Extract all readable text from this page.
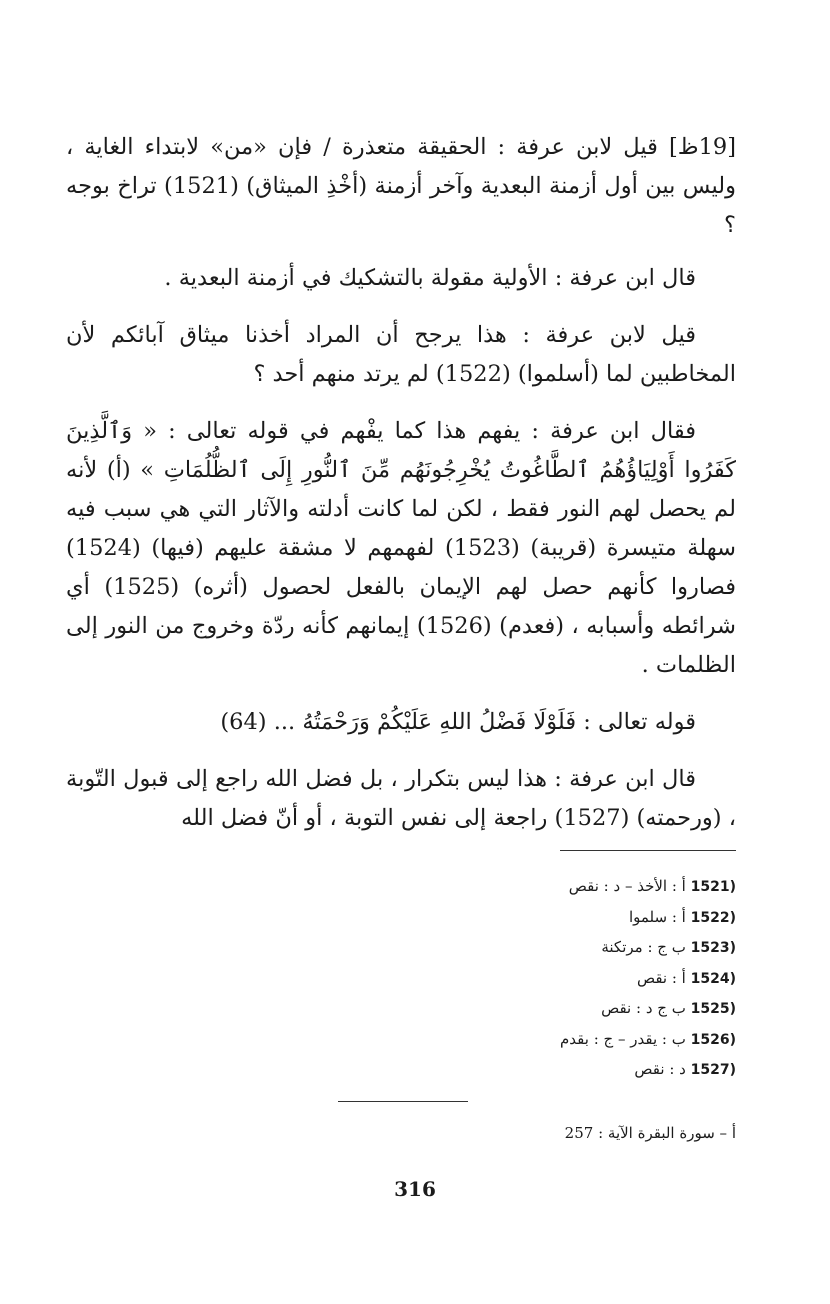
[19ظ] قيل لابن عرفة : الحقيقة متعذرة / فإن «من» لابتداء الغاية ، وليس بين أول أزمنة البعدية وآخر أزمنة (أخْذِ الميثاق) (1521) تراخ بوجه ؟

قال ابن عرفة : الأولية مقولة بالتشكيك في أزمنة البعدية .

قيل لابن عرفة : هذا يرجح أن المراد أخذنا ميثاق آبائكم لأن المخاطبين لما (أسلموا) (1522) لم يرتد منهم أحد ؟

فقال ابن عرفة : يفهم هذا كما يفْهم في قوله تعالى : « وَٱلَّذِينَ كَفَرُوا أَوْلِيَاؤُهُمُ ٱلطَّاغُوتُ يُخْرِجُونَهُم مِّنَ ٱلنُّورِ إِلَى ٱلظُّلُمَاتِ » (أ) لأنه لم يحصل لهم النور فقط ، لكن لما كانت أدلته والآثار التي هي سبب فيه سهلة متيسرة (قريبة) (1523) لفهمهم لا مشقة عليهم (فيها) (1524) فصاروا كأنهم حصل لهم الإيمان بالفعل لحصول (أثره) (1525) أي شرائطه وأسبابه ، (فعدم) (1526) إيمانهم كأنه ردّة وخروج من النور إلى الظلمات .

قوله تعالى : فَلَوْلَا فَضْلُ اللهِ عَلَيْكُمْ وَرَحْمَتُهُ ... (64)

قال ابن عرفة : هذا ليس بتكرار ، بل فضل الله راجع إلى قبول التّوبة ، (ورحمته) (1527) راجعة إلى نفس التوبة ، أو أنّ فضل الله

(1521 أ : الأخذ – د : نقص
(1522 أ : سلموا
(1523 ب ج : مرتكنة
(1524 أ : نقص
(1525 ب ج د : نقص
(1526 ب : يقدر – ج : بقدم
(1527 د : نقص
أ – سورة البقرة الآية : 257
316
